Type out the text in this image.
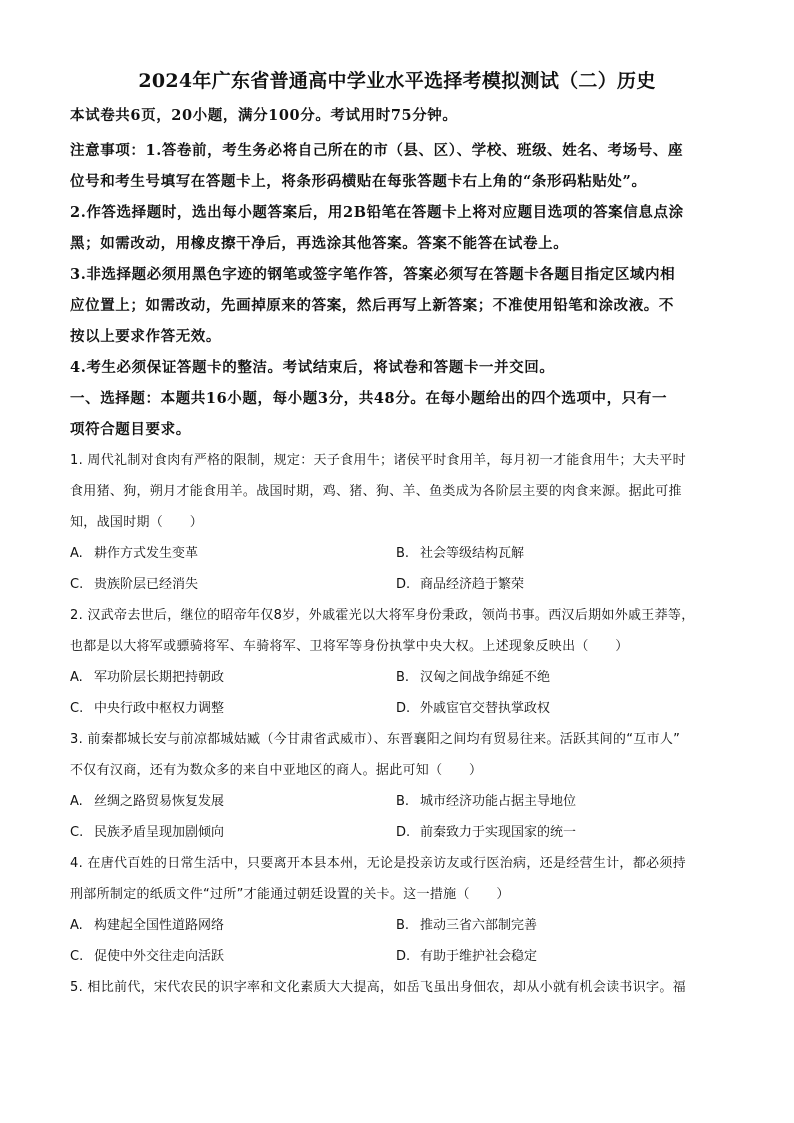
2024年广东省普通高中学业水平选择考模拟测试（二）历史
本试卷共6页，20小题，满分100分。考试用时75分钟。
注意事项：1.答卷前，考生务必将自己所在的市（县、区）、学校、班级、姓名、考场号、座
位号和考生号填写在答题卡上，将条形码横贴在每张答题卡右上角的“条形码粘贴处”。
2.作答选择题时，选出每小题答案后，用2B铅笔在答题卡上将对应题目选项的答案信息点涂
黑；如需改动，用橡皮擦干净后，再选涂其他答案。答案不能答在试卷上。
3.非选择题必须用黑色字迹的钢笔或签字笔作答，答案必须写在答题卡各题目指定区域内相
应位置上；如需改动，先画掉原来的答案，然后再写上新答案；不准使用铅笔和涂改液。不
按以上要求作答无效。
4.考生必须保证答题卡的整洁。考试结束后，将试卷和答题卡一并交回。
一、选择题：本题共16小题，每小题3分，共48分。在每小题给出的四个选项中，只有一
项符合题目要求。
1. 周代礼制对食肉有严格的限制，规定：天子食用牛；诸侯平时食用羊，每月初一才能食用牛；大夫平时
食用猪、狗，朔月才能食用羊。战国时期，鸡、猪、狗、羊、鱼类成为各阶层主要的肉食来源。据此可推
知，战国时期（　　）
A. 耕作方式发生变革	B. 社会等级结构瓦解
C. 贵族阶层已经消失	D. 商品经济趋于繁荣
2. 汉武帝去世后，继位的昭帝年仅8岁，外戚霍光以大将军身份秉政，领尚书事。西汉后期如外戚王莽等，
也都是以大将军或骠骑将军、车骑将军、卫将军等身份执掌中央大权。上述现象反映出（　　）
A. 军功阶层长期把持朝政	B. 汉匈之间战争绵延不绝
C. 中央行政中枢权力调整	D. 外戚宦官交替执掌政权
3. 前秦都城长安与前凉都城姑臧（今甘肃省武威市）、东晋襄阳之间均有贸易往来。活跃其间的“互市人”
不仅有汉商，还有为数众多的来自中亚地区的商人。据此可知（　　）
A. 丝绸之路贸易恢复发展	B. 城市经济功能占据主导地位
C. 民族矛盾呈现加剧倾向	D. 前秦致力于实现国家的统一
4. 在唐代百姓的日常生活中，只要离开本县本州，无论是投亲访友或行医治病，还是经营生计，都必须持
刑部所制定的纸质文件“过所”才能通过朝廷设置的关卡。这一措施（　　）
A. 构建起全国性道路网络	B. 推动三省六部制完善
C. 促使中外交往走向活跃	D. 有助于维护社会稳定
5. 相比前代，宋代农民的识字率和文化素质大大提高，如岳飞虽出身佃农，却从小就有机会读书识字。福
